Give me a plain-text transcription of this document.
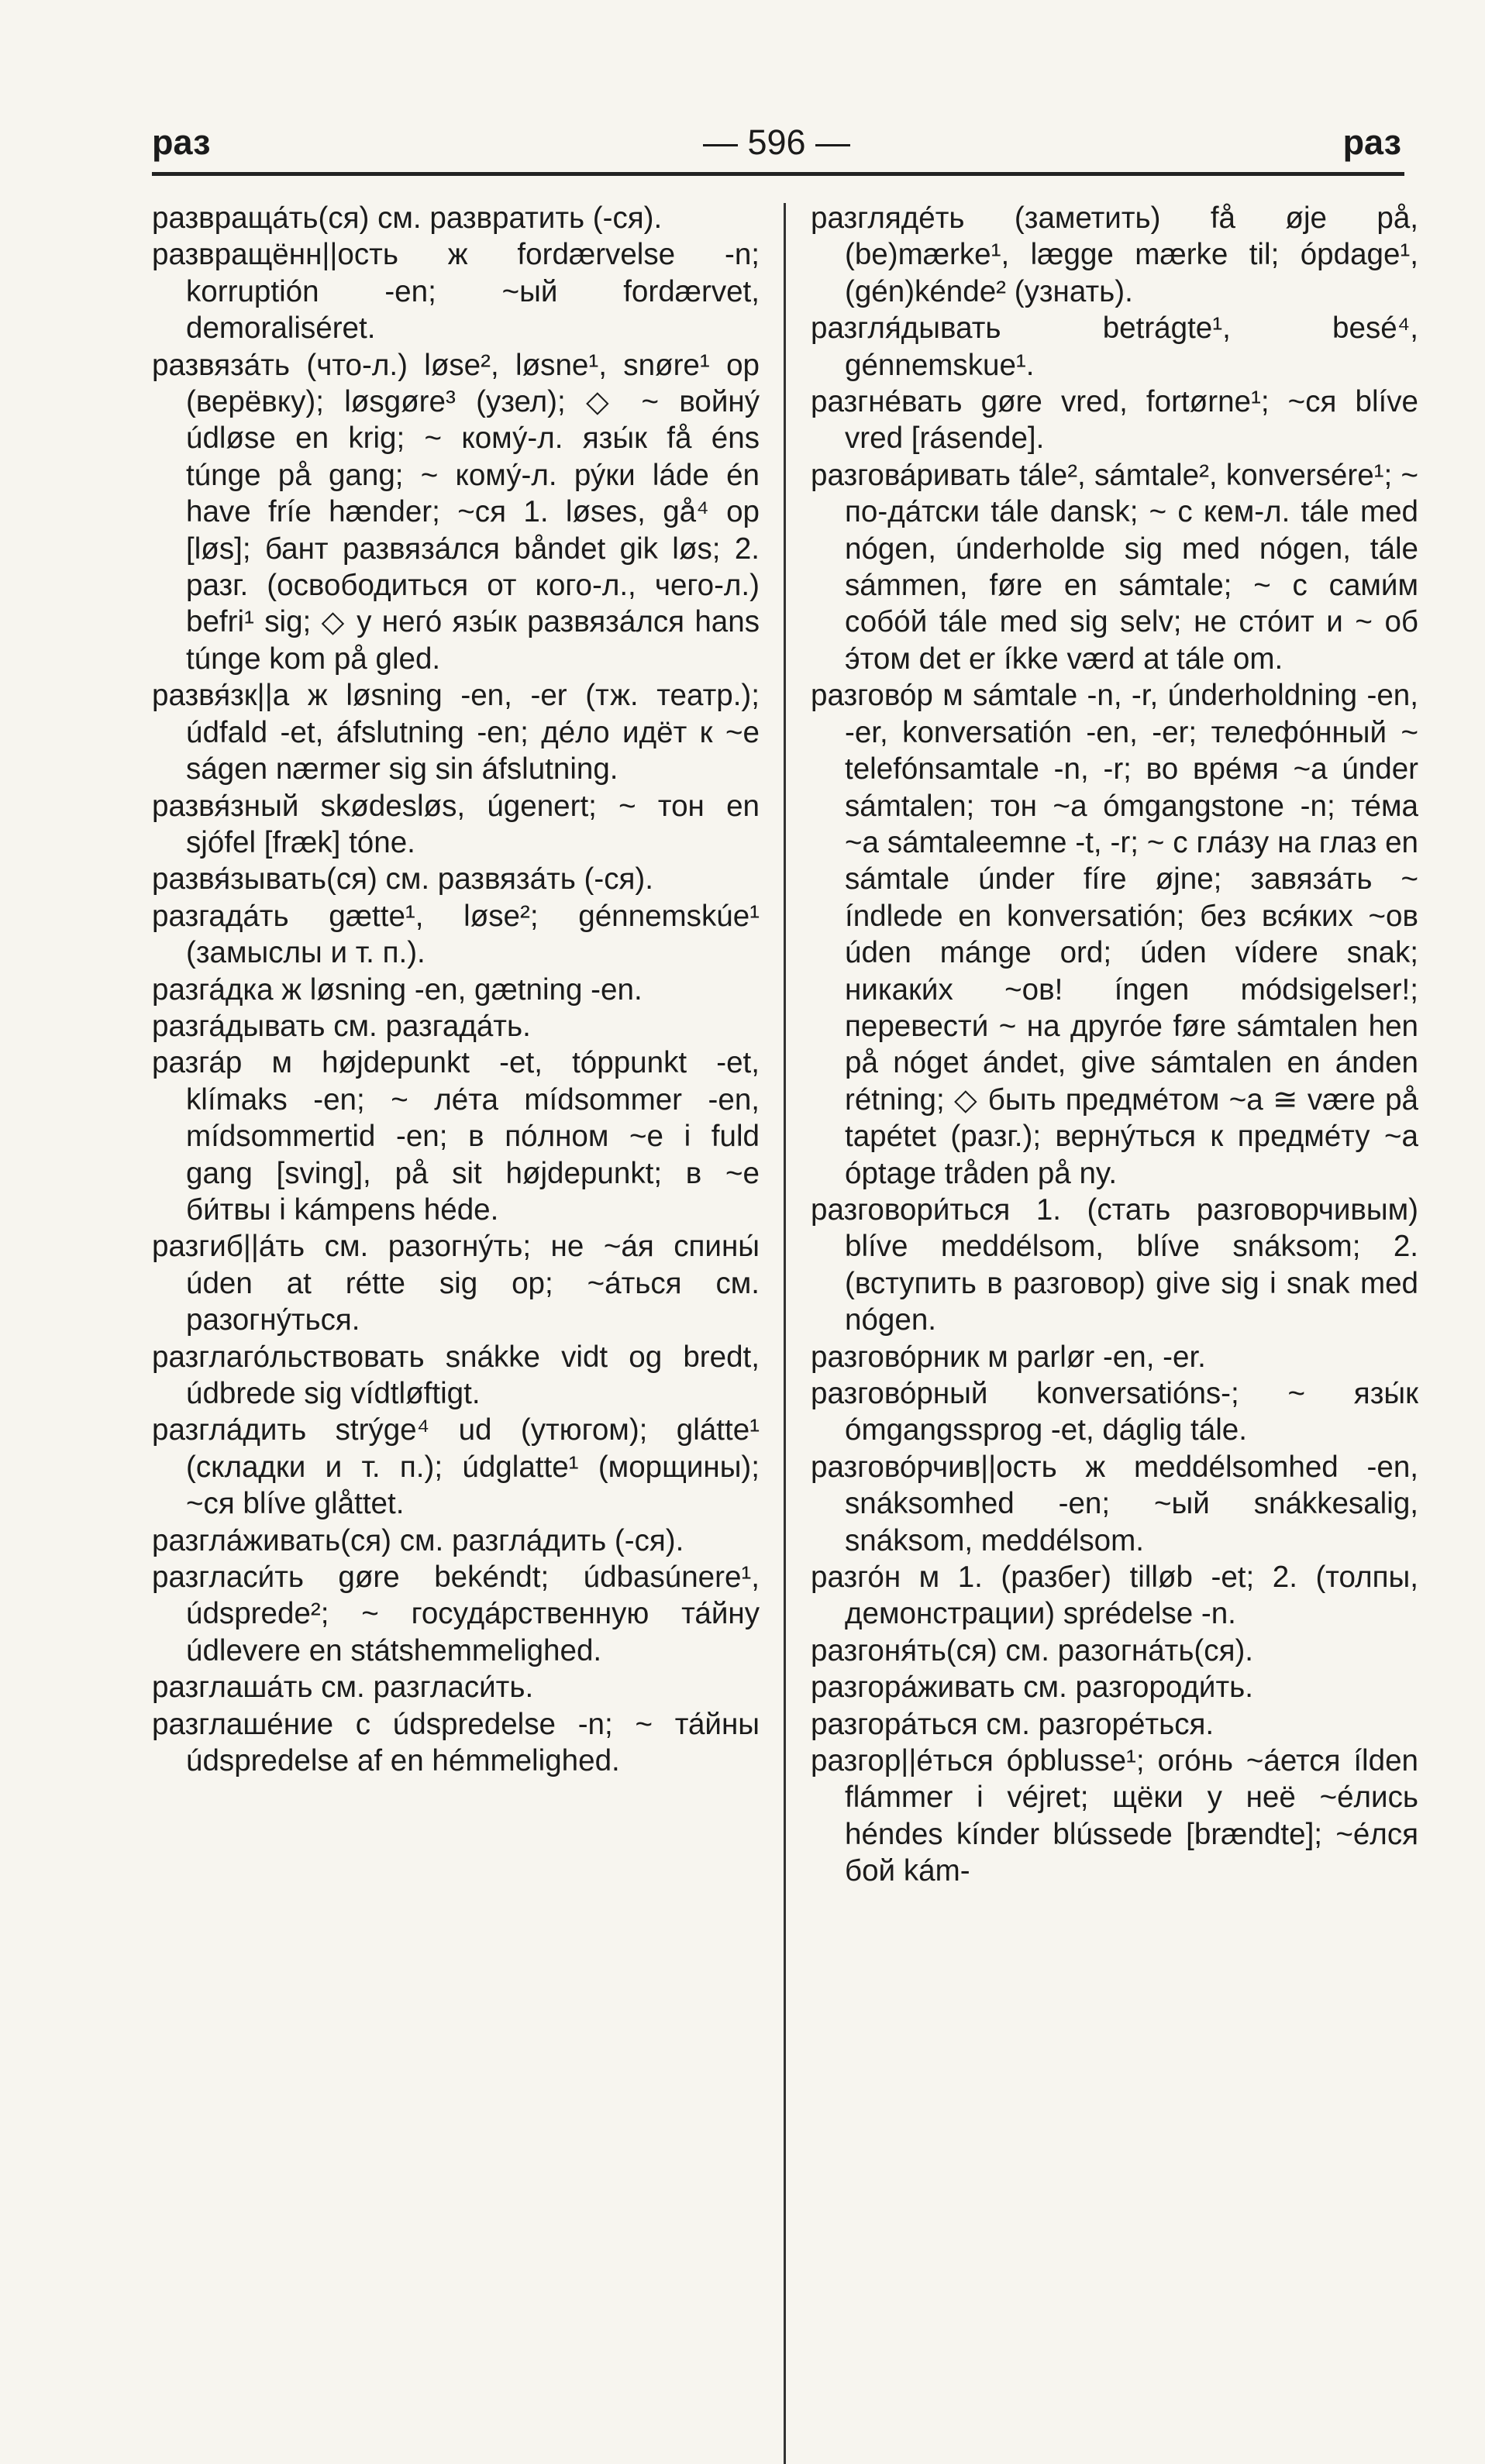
раз	— 596 —	раз

развраща́ть(ся) см. развратить (-ся).

развращённ||ость ж fordærvelse -n; korruptión -en; ~ый fordærvet, demoraliséret.

развяза́ть (что-л.) løse², løsne¹, snøre¹ op (верёвку); løsgøre³ (узел); ◇ ~ войну́ údløse en krig; ~ кому́-л. язы́к få éns túnge på gang; ~ кому́-л. ру́ки láde én have fríe hænder; ~ся 1. løses, gå⁴ op [løs]; бант развяза́лся båndet gik løs; 2. разг. (освободиться от кого-л., чего-л.) befri¹ sig; ◇ у него́ язы́к развяза́лся hans túnge kom på gled.

развя́зк||а ж løsning -en, -er (тж. театр.); údfald -et, áfslutning -en; де́ло идёт к ~е ságen nærmer sig sin áfslutning.

развя́зный skødesløs, úgenert; ~ тон en sjófel [fræk] tóne.

развя́зывать(ся) см. развяза́ть (-ся).

разгада́ть gætte¹, løse²; génnemskúe¹ (замыслы и т. п.).

разга́дка ж løsning -en, gætning -en.

разга́дывать см. разгада́ть.

разга́р м højdepunkt -et, tóppunkt -et, klímaks -en; ~ ле́та mídsommer -en, mídsommertid -en; в по́лном ~е i fuld gang [sving], på sit højdepunkt; в ~е би́твы i kámpens héde.

разгиб||а́ть см. разогну́ть; не ~а́я спины́ úden at rétte sig op; ~а́ться см. разогну́ться.

разглаго́льствовать snákke vidt og bredt, údbrede sig vídtløftigt.

разгла́дить strýge⁴ ud (утюгом); glátte¹ (складки и т. п.); údglatte¹ (морщины); ~ся blíve glåttet.

разгла́живать(ся) см. разгла́дить (-ся).

разгласи́ть gøre bekéndt; údbasúnere¹, údsprede²; ~ госуда́рственную та́йну údlevere en státshemmelighed.

разглаша́ть см. разгласи́ть.

разглаше́ние с údspredelse -n; ~ та́йны údspredelse af en hémmelighed.

разгляде́ть (заметить) få øje på, (be)mærke¹, lægge mærke til; ópdage¹, (gén)kénde² (узнать).

разгля́дывать betrágte¹, besé⁴, génnemskue¹.

разгне́вать gøre vred, fortørne¹; ~ся blíve vred [rásende].

разгова́ривать tále², sámtale², konversére¹; ~ по-да́тски tále dansk; ~ с кем-л. tále med nógen, únderholde sig med nógen, tále sámmen, føre en sámtale; ~ с сами́м собо́й tále med sig selv; не сто́ит и ~ об э́том det er íkke værd at tále om.

разгово́р м sámtale -n, -r, únderholdning -en, -er, konversatión -en, -er; телефо́нный ~ telefónsamtale -n, -r; во вре́мя ~а únder sámtalen; тон ~а ómgangstone -n; те́ма ~а sámtaleemne -t, -r; ~ с гла́зу на глаз en sámtale únder fíre øjne; завяза́ть ~ índlede en konversatión; без вся́ких ~ов úden mánge ord; úden vídere snak; никаки́х ~ов! íngen módsigelser!; перевести́ ~ на друго́е føre sámtalen hen på nóget ándet, give sámtalen en ánden rétning; ◇ быть предме́том ~а ≅ være på tapétet (разг.); верну́ться к предме́ту ~а óptage tråden på ny.

разговори́ться 1. (стать разговорчивым) blíve meddélsom, blíve snáksom; 2. (вступить в разговор) give sig i snak med nógen.

разгово́рник м parlør -en, -er.

разгово́рный konversatións-; ~ язы́к ómgangssprog -et, dáglig tále.

разгово́рчив||ость ж meddélsomhed -en, snáksomhed -en; ~ый snákkesalig, snáksom, meddélsom.

разго́н м 1. (разбег) tilløb -et; 2. (толпы, демонстрации) sprédelse -n.

разгоня́ть(ся) см. разогна́ть(ся).

разгора́живать см. разгороди́ть.

разгора́ться см. разгоре́ться.

разгор||е́ться ópblusse¹; ого́нь ~а́ется ílden flámmer i véjret; щёки у неё ~е́лись héndes kínder blússede [brændte]; ~е́лся бой kám-
